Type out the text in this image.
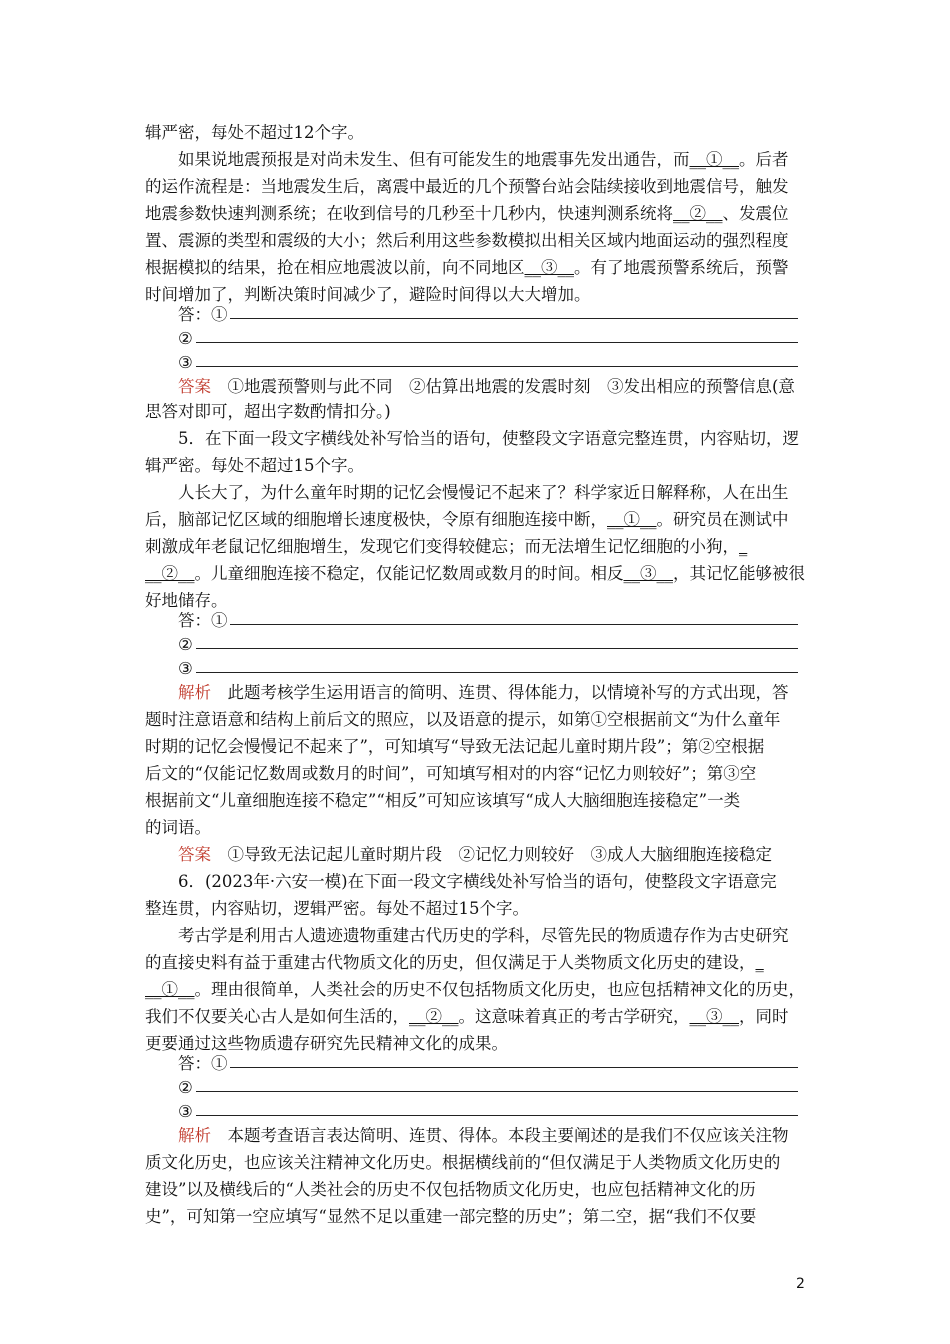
辑严密，每处不超过12个字。
如果说地震预报是对尚未发生、但有可能发生的地震事先发出通告，而__①__。后者
的运作流程是：当地震发生后，离震中最近的几个预警台站会陆续接收到地震信号，触发
地震参数快速判测系统；在收到信号的几秒至十几秒内，快速判测系统将__②__、发震位
置、震源的类型和震级的大小；然后利用这些参数模拟出相关区域内地面运动的强烈程度
根据模拟的结果，抢在相应地震波以前，向不同地区__③__。有了地震预警系统后，预警
时间增加了，判断决策时间减少了，避险时间得以大大增加。
答：①
②
③
答案　 ①地震预警则与此不同　②估算出地震的发震时刻　③发出相应的预警信息(意
思答对即可，超出字数酌情扣分。)
5．在下面一段文字横线处补写恰当的语句，使整段文字语意完整连贯，内容贴切，逻
辑严密。每处不超过15个字。
人长大了，为什么童年时期的记忆会慢慢记不起来了？科学家近日解释称，人在出生
后，脑部记忆区域的细胞增长速度极快，令原有细胞连接中断，__①__。研究员在测试中
刺激成年老鼠记忆细胞增生，发现它们变得较健忘；而无法增生记忆细胞的小狗，_
__②__。儿童细胞连接不稳定，仅能记忆数周或数月的时间。相反__③__，其记忆能够被很
好地储存。
答：①
②
③
解析　 此题考核学生运用语言的简明、连贯、得体能力，以情境补写的方式出现，答
题时注意语意和结构上前后文的照应，以及语意的提示，如第①空根据前文“为什么童年
时期的记忆会慢慢记不起来了”，可知填写“导致无法记起儿童时期片段”；第②空根据
后文的“仅能记忆数周或数月的时间”，可知填写相对的内容“记忆力则较好”；第③空
根据前文“儿童细胞连接不稳定”“相反”可知应该填写“成人大脑细胞连接稳定”一类
的词语。
答案　 ①导致无法记起儿童时期片段　②记忆力则较好　③成人大脑细胞连接稳定
6．(2023年·六安一模)在下面一段文字横线处补写恰当的语句，使整段文字语意完
整连贯，内容贴切，逻辑严密。每处不超过15个字。
考古学是利用古人遗迹遗物重建古代历史的学科，尽管先民的物质遗存作为古史研究
的直接史料有益于重建古代物质文化的历史，但仅满足于人类物质文化历史的建设，_
__①__。理由很简单，人类社会的历史不仅包括物质文化历史，也应包括精神文化的历史，
我们不仅要关心古人是如何生活的，__②__。这意味着真正的考古学研究，__③__，同时
更要通过这些物质遗存研究先民精神文化的成果。
答：①
②
③
解析　 本题考查语言表达简明、连贯、得体。本段主要阐述的是我们不仅应该关注物
质文化历史，也应该关注精神文化历史。根据横线前的“但仅满足于人类物质文化历史的
建设”以及横线后的“人类社会的历史不仅包括物质文化历史，也应包括精神文化的历
史”，可知第一空应填写“显然不足以重建一部完整的历史”；第二空，据“我们不仅要
2
